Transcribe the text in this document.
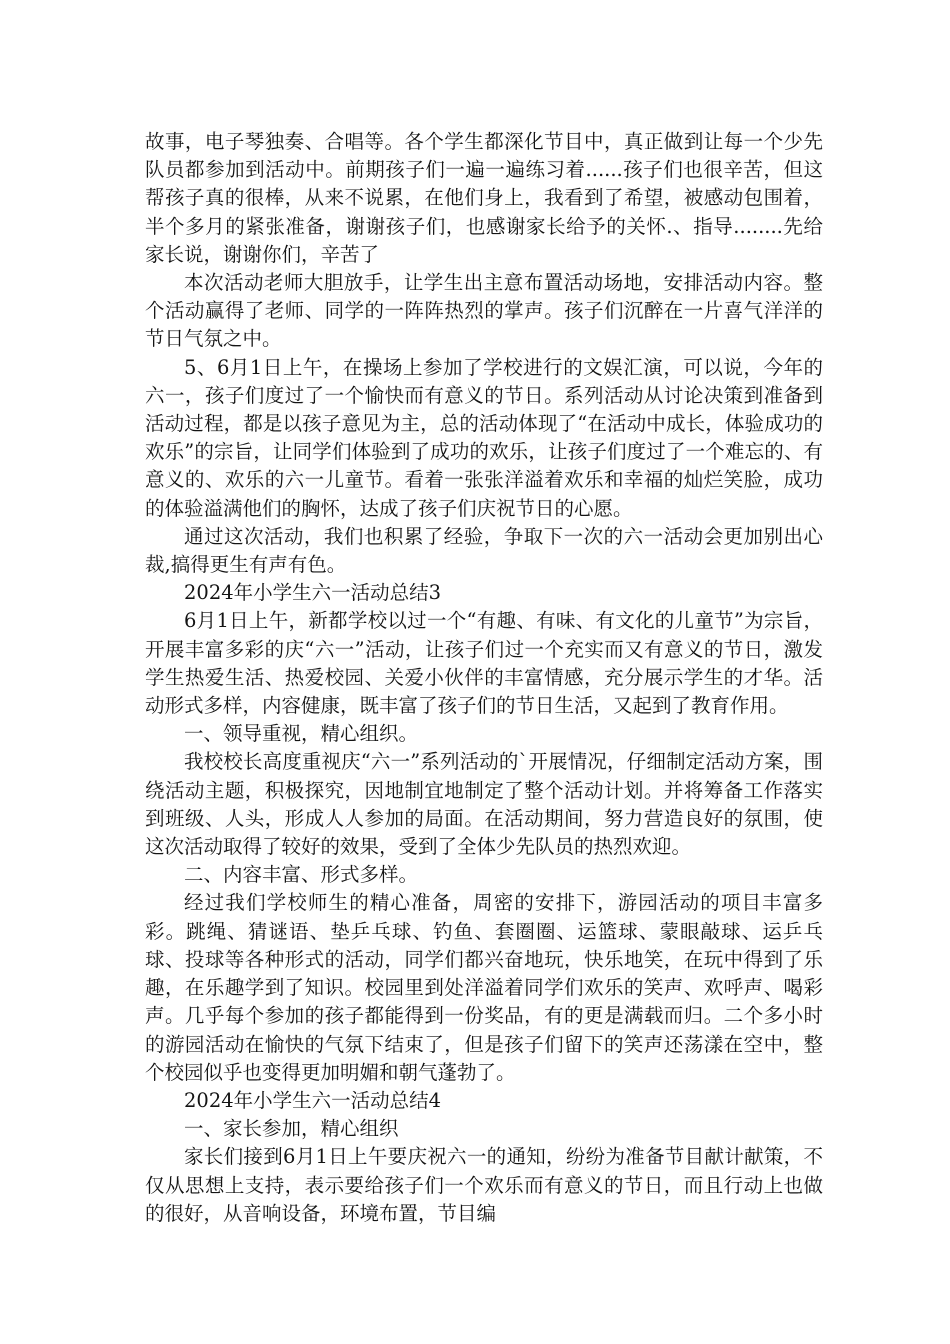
故事，电子琴独奏、合唱等。各个学生都深化节目中，真正做到让每一个少先队员都参加到活动中。前期孩子们一遍一遍练习着......孩子们也很辛苦，但这帮孩子真的很棒，从来不说累，在他们身上，我看到了希望，被感动包围着，半个多月的紧张准备，谢谢孩子们，也感谢家长给予的关怀.、指导........先给家长说，谢谢你们，辛苦了

本次活动老师大胆放手，让学生出主意布置活动场地，安排活动内容。整个活动赢得了老师、同学的一阵阵热烈的掌声。孩子们沉醉在一片喜气洋洋的节日气氛之中。

5、6月1日上午，在操场上参加了学校进行的文娱汇演，可以说，今年的六一，孩子们度过了一个愉快而有意义的节日。系列活动从讨论决策到准备到活动过程，都是以孩子意见为主，总的活动体现了“在活动中成长，体验成功的欢乐”的宗旨，让同学们体验到了成功的欢乐，让孩子们度过了一个难忘的、有意义的、欢乐的六一儿童节。看着一张张洋溢着欢乐和幸福的灿烂笑脸，成功的体验溢满他们的胸怀，达成了孩子们庆祝节日的心愿。

通过这次活动，我们也积累了经验，争取下一次的六一活动会更加别出心裁,搞得更生有声有色。

2024年小学生六一活动总结3

6月1日上午，新都学校以过一个“有趣、有味、有文化的儿童节”为宗旨，开展丰富多彩的庆“六一”活动，让孩子们过一个充实而又有意义的节日，激发学生热爱生活、热爱校园、关爱小伙伴的丰富情感，充分展示学生的才华。活动形式多样，内容健康，既丰富了孩子们的节日生活，又起到了教育作用。

一、领导重视，精心组织。

我校校长高度重视庆“六一”系列活动的`开展情况，仔细制定活动方案，围绕活动主题，积极探究，因地制宜地制定了整个活动计划。并将筹备工作落实到班级、人头，形成人人参加的局面。在活动期间，努力营造良好的氛围，使这次活动取得了较好的效果，受到了全体少先队员的热烈欢迎。

二、内容丰富、形式多样。

经过我们学校师生的精心准备，周密的安排下，游园活动的项目丰富多彩。跳绳、猜谜语、垫乒乓球、钓鱼、套圈圈、运篮球、蒙眼敲球、运乒乓球、投球等各种形式的活动，同学们都兴奋地玩，快乐地笑，在玩中得到了乐趣，在乐趣学到了知识。校园里到处洋溢着同学们欢乐的笑声、欢呼声、喝彩声。几乎每个参加的孩子都能得到一份奖品，有的更是满载而归。二个多小时的游园活动在愉快的气氛下结束了，但是孩子们留下的笑声还荡漾在空中，整个校园似乎也变得更加明媚和朝气蓬勃了。

2024年小学生六一活动总结4

一、家长参加，精心组织

家长们接到6月1日上午要庆祝六一的通知，纷纷为准备节目献计献策，不仅从思想上支持，表示要给孩子们一个欢乐而有意义的节日，而且行动上也做的很好，从音响设备，环境布置，节目编
